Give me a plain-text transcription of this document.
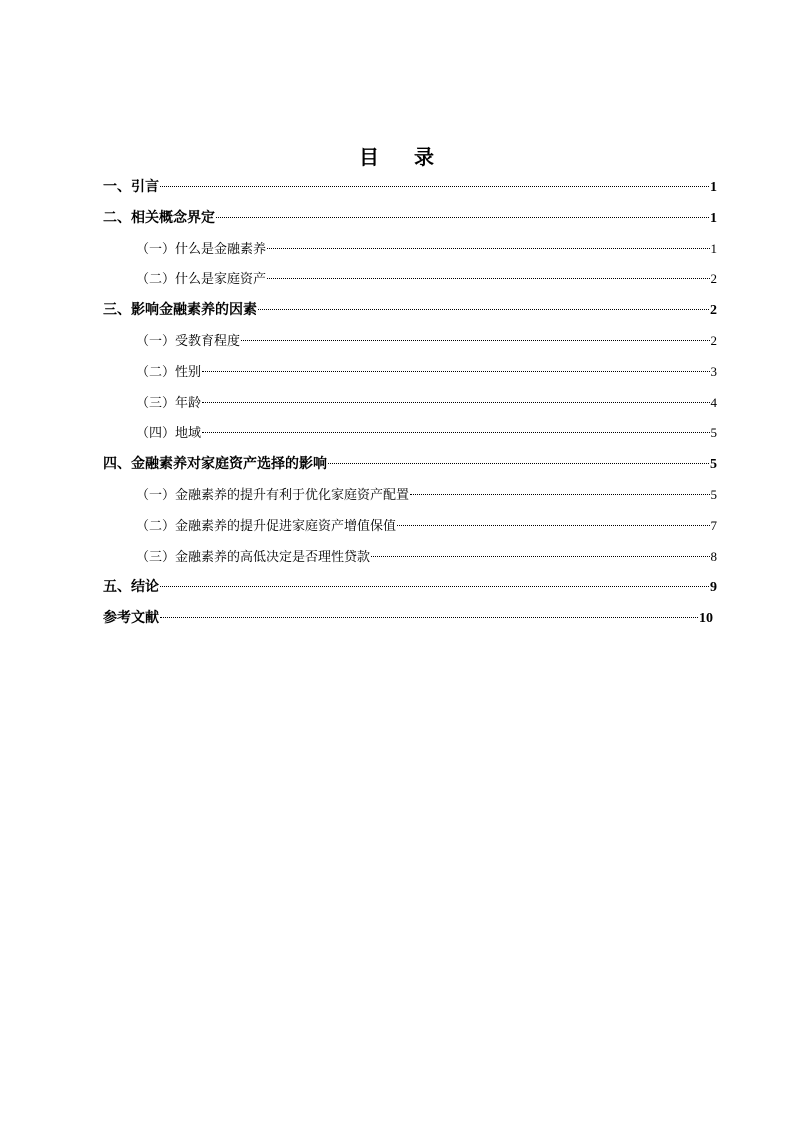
目 录
一、引言	1
二、相关概念界定	1
（一）什么是金融素养	1
（二）什么是家庭资产	2
三、影响金融素养的因素	2
（一）受教育程度	2
（二）性别	3
（三）年龄	4
（四）地域	5
四、金融素养对家庭资产选择的影响	5
（一）金融素养的提升有利于优化家庭资产配置	5
（二）金融素养的提升促进家庭资产增值保值	7
（三）金融素养的高低决定是否理性贷款	8
五、结论	9
参考文献	10
